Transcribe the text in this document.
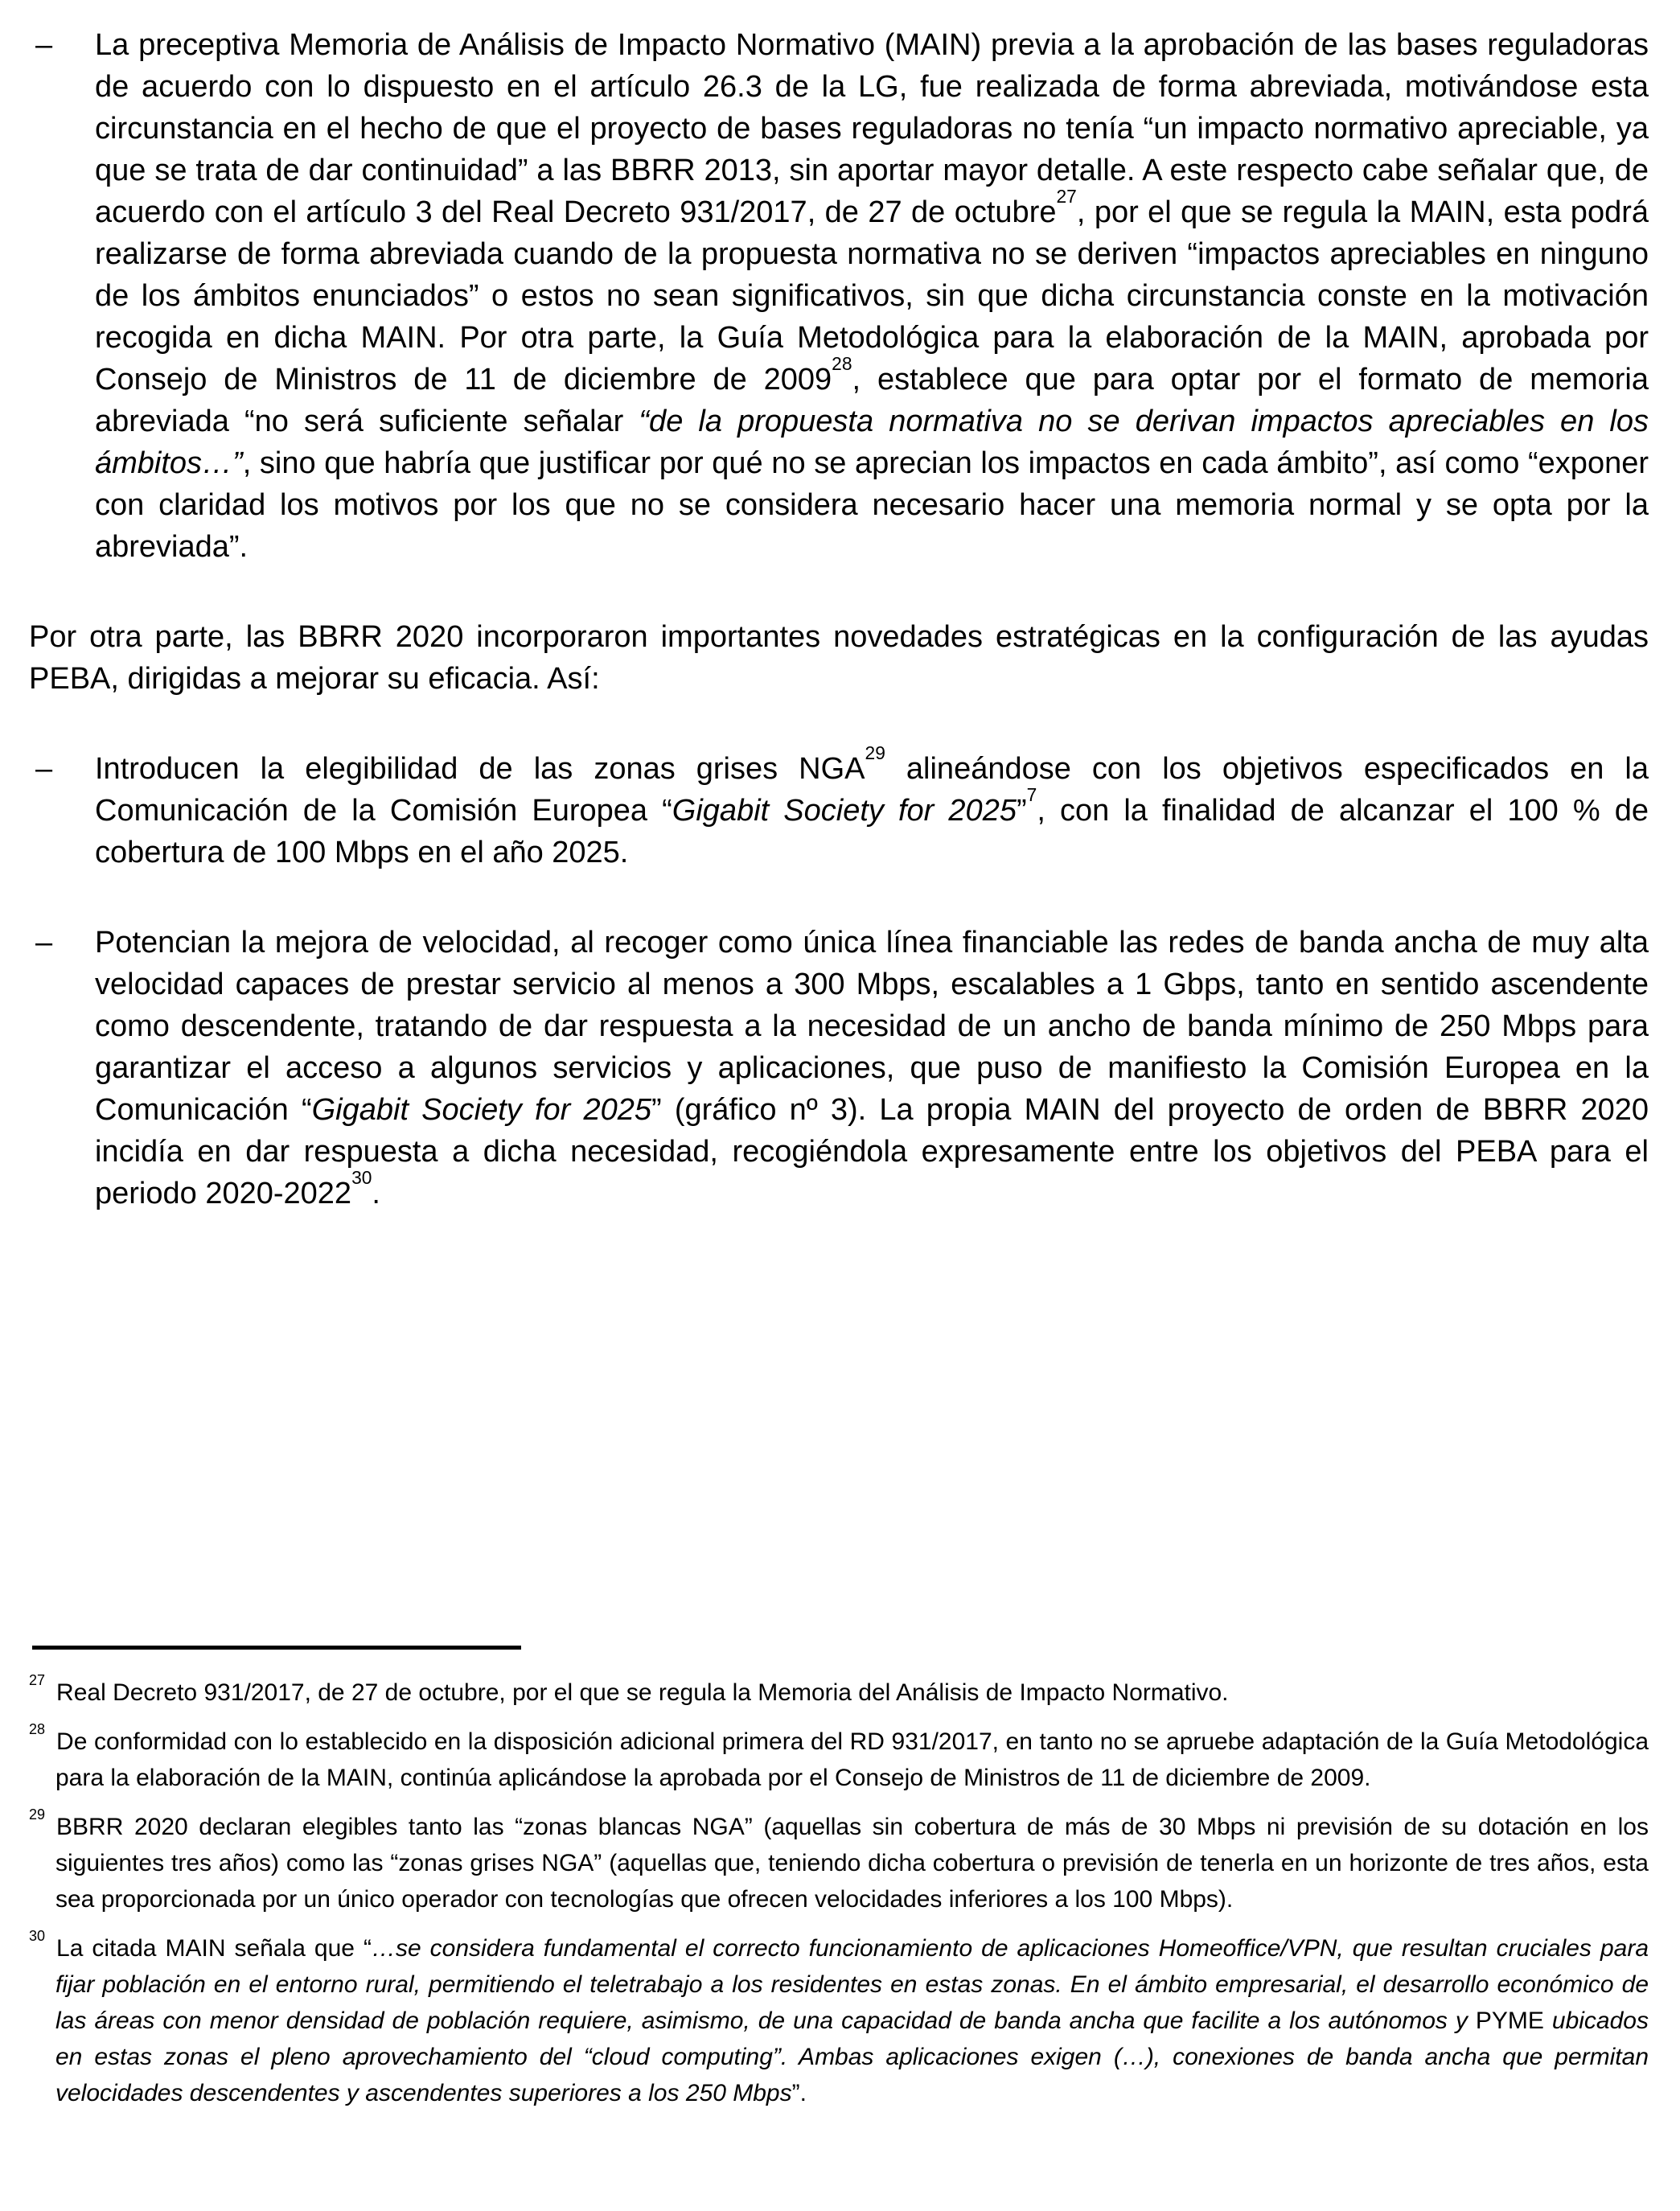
– La preceptiva Memoria de Análisis de Impacto Normativo (MAIN) previa a la aprobación de las bases reguladoras de acuerdo con lo dispuesto en el artículo 26.3 de la LG, fue realizada de forma abreviada, motivándose esta circunstancia en el hecho de que el proyecto de bases reguladoras no tenía “un impacto normativo apreciable, ya que se trata de dar continuidad” a las BBRR 2013, sin aportar mayor detalle. A este respecto cabe señalar que, de acuerdo con el artículo 3 del Real Decreto 931/2017, de 27 de octubre$^{27}$, por el que se regula la MAIN, esta podrá realizarse de forma abreviada cuando de la propuesta normativa no se deriven “impactos apreciables en ninguno de los ámbitos enunciados” o estos no sean significativos, sin que dicha circunstancia conste en la motivación recogida en dicha MAIN. Por otra parte, la Guía Metodológica para la elaboración de la MAIN, aprobada por Consejo de Ministros de 11 de diciembre de 2009$^{28}$, establece que para optar por el formato de memoria abreviada “no será suficiente señalar “de la propuesta normativa no se derivan impactos apreciables en los ámbitos…”, sino que habría que justificar por qué no se aprecian los impactos en cada ámbito”, así como “exponer con claridad los motivos por los que no se considera necesario hacer una memoria normal y se opta por la abreviada”.

Por otra parte, las BBRR 2020 incorporaron importantes novedades estratégicas en la configuración de las ayudas PEBA, dirigidas a mejorar su eficacia. Así:

– Introducen la elegibilidad de las zonas grises NGA$^{29}$ alineándose con los objetivos especificados en la Comunicación de la Comisión Europea “Gigabit Society for 2025”$^7$, con la finalidad de alcanzar el 100 % de cobertura de 100 Mbps en el año 2025.
– Potencian la mejora de velocidad, al recoger como única línea financiable las redes de banda ancha de muy alta velocidad capaces de prestar servicio al menos a 300 Mbps, escalables a 1 Gbps, tanto en sentido ascendente como descendente, tratando de dar respuesta a la necesidad de un ancho de banda mínimo de 250 Mbps para garantizar el acceso a algunos servicios y aplicaciones, que puso de manifiesto la Comisión Europea en la Comunicación “Gigabit Society for 2025” (gráfico nº 3). La propia MAIN del proyecto de orden de BBRR 2020 incidía en dar respuesta a dicha necesidad, recogiéndola expresamente entre los objetivos del PEBA para el periodo 2020-2022$^{30}$.
$^{27}$ Real Decreto 931/2017, de 27 de octubre, por el que se regula la Memoria del Análisis de Impacto Normativo.
$^{28}$ De conformidad con lo establecido en la disposición adicional primera del RD 931/2017, en tanto no se apruebe adaptación de la Guía Metodológica para la elaboración de la MAIN, continúa aplicándose la aprobada por el Consejo de Ministros de 11 de diciembre de 2009.
$^{29}$ BBRR 2020 declaran elegibles tanto las “zonas blancas NGA” (aquellas sin cobertura de más de 30 Mbps ni previsión de su dotación en los siguientes tres años) como las “zonas grises NGA” (aquellas que, teniendo dicha cobertura o previsión de tenerla en un horizonte de tres años, esta sea proporcionada por un único operador con tecnologías que ofrecen velocidades inferiores a los 100 Mbps).
$^{30}$ La citada MAIN señala que “…se considera fundamental el correcto funcionamiento de aplicaciones Homeoffice/VPN, que resultan cruciales para fijar población en el entorno rural, permitiendo el teletrabajo a los residentes en estas zonas. En el ámbito empresarial, el desarrollo económico de las áreas con menor densidad de población requiere, asimismo, de una capacidad de banda ancha que facilite a los autónomos y PYME ubicados en estas zonas el pleno aprovechamiento del “cloud computing”. Ambas aplicaciones exigen (…), conexiones de banda ancha que permitan velocidades descendentes y ascendentes superiores a los 250 Mbps”.
